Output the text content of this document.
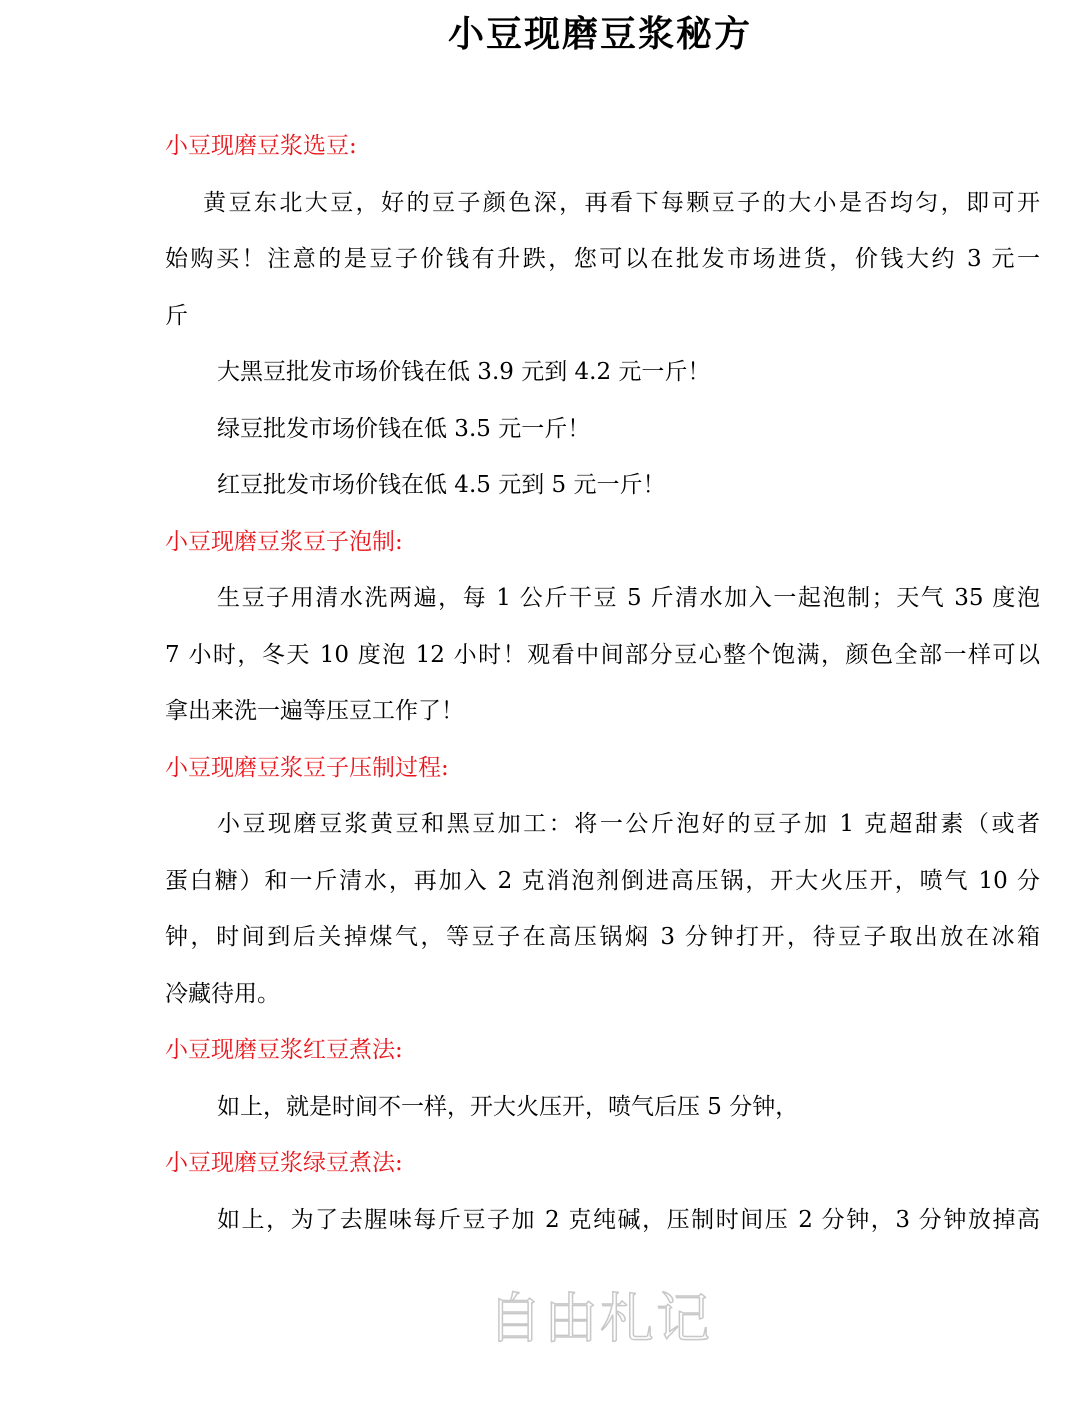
小豆现磨豆浆秘方
小豆现磨豆浆选豆:
黄豆东北大豆，好的豆子颜色深，再看下每颗豆子的大小是否均匀，即可开
始购买！注意的是豆子价钱有升跌，您可以在批发市场进货，价钱大约 3 元一
斤
大黑豆批发市场价钱在低 3.9 元到 4.2 元一斤！
绿豆批发市场价钱在低 3.5 元一斤！
红豆批发市场价钱在低 4.5 元到 5 元一斤！
小豆现磨豆浆豆子泡制:
生豆子用清水洗两遍，每 1 公斤干豆 5 斤清水加入一起泡制；天气 35 度泡
7 小时，冬天 10 度泡 12 小时！观看中间部分豆心整个饱满，颜色全部一样可以
拿出来洗一遍等压豆工作了！
小豆现磨豆浆豆子压制过程:
小豆现磨豆浆黄豆和黑豆加工：将一公斤泡好的豆子加 1 克超甜素（或者
蛋白糖）和一斤清水，再加入 2 克消泡剂倒进高压锅，开大火压开，喷气 10 分
钟，时间到后关掉煤气，等豆子在高压锅焖 3 分钟打开，待豆子取出放在冰箱
冷藏待用。
小豆现磨豆浆红豆煮法:
如上，就是时间不一样，开大火压开，喷气后压 5 分钟，
小豆现磨豆浆绿豆煮法:
如上，为了去腥味每斤豆子加 2 克纯碱，压制时间压 2 分钟，3 分钟放掉高
自由札记
